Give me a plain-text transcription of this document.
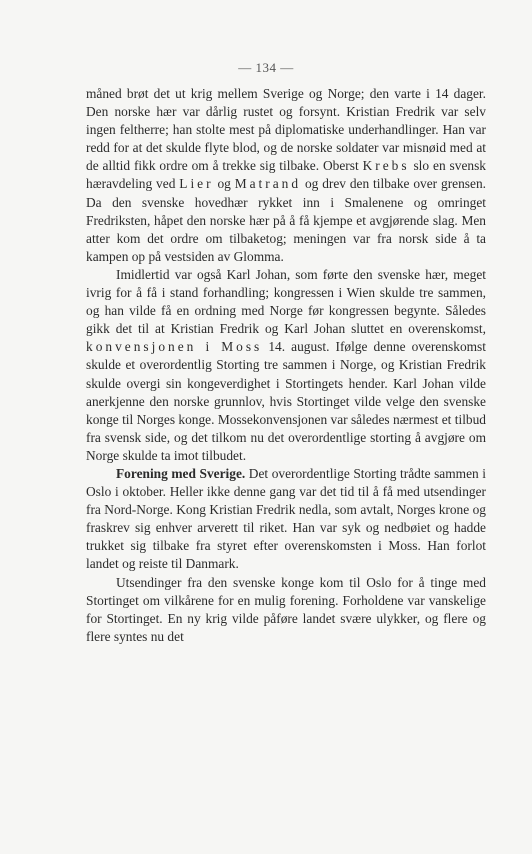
— 134 —

måned brøt det ut krig mellem Sverige og Norge; den varte i 14 dager. Den norske hær var dårlig rustet og forsynt. Kristian Fredrik var selv ingen feltherre; han stolte mest på diplomatiske underhandlinger. Han var redd for at det skulde flyte blod, og de norske soldater var misnøid med at de alltid fikk ordre om å trekke sig tilbake. Oberst Krebs slo en svensk hæravdeling ved Lier og Matrand og drev den tilbake over grensen. Da den svenske hovedhær rykket inn i Smalenene og omringet Fredriksten, håpet den norske hær på å få kjempe et avgjørende slag. Men atter kom det ordre om tilbaketog; meningen var fra norsk side å ta kampen op på vestsiden av Glomma.

Imidlertid var også Karl Johan, som førte den svenske hær, meget ivrig for å få i stand forhandling; kongressen i Wien skulde tre sammen, og han vilde få en ordning med Norge før kongressen begynte. Således gikk det til at Kristian Fredrik og Karl Johan sluttet en overenskomst, konvensjonen i Moss 14. august. Ifølge denne overenskomst skulde et overordentlig Storting tre sammen i Norge, og Kristian Fredrik skulde overgi sin kongeverdighet i Stortingets hender. Karl Johan vilde anerkjenne den norske grunnlov, hvis Stortinget vilde velge den svenske konge til Norges konge. Mossekonvensjonen var således nærmest et tilbud fra svensk side, og det tilkom nu det overordentlige storting å avgjøre om Norge skulde ta imot tilbudet.

Forening med Sverige. Det overordentlige Storting trådte sammen i Oslo i oktober. Heller ikke denne gang var det tid til å få med utsendinger fra Nord-Norge. Kong Kristian Fredrik nedla, som avtalt, Norges krone og fraskrev sig enhver arverett til riket. Han var syk og nedbøiet og hadde trukket sig tilbake fra styret efter overenskomsten i Moss. Han forlot landet og reiste til Danmark.

Utsendinger fra den svenske konge kom til Oslo for å tinge med Stortinget om vilkårene for en mulig forening. Forholdene var vanskelige for Stortinget. En ny krig vilde påføre landet svære ulykker, og flere og flere syntes nu det
